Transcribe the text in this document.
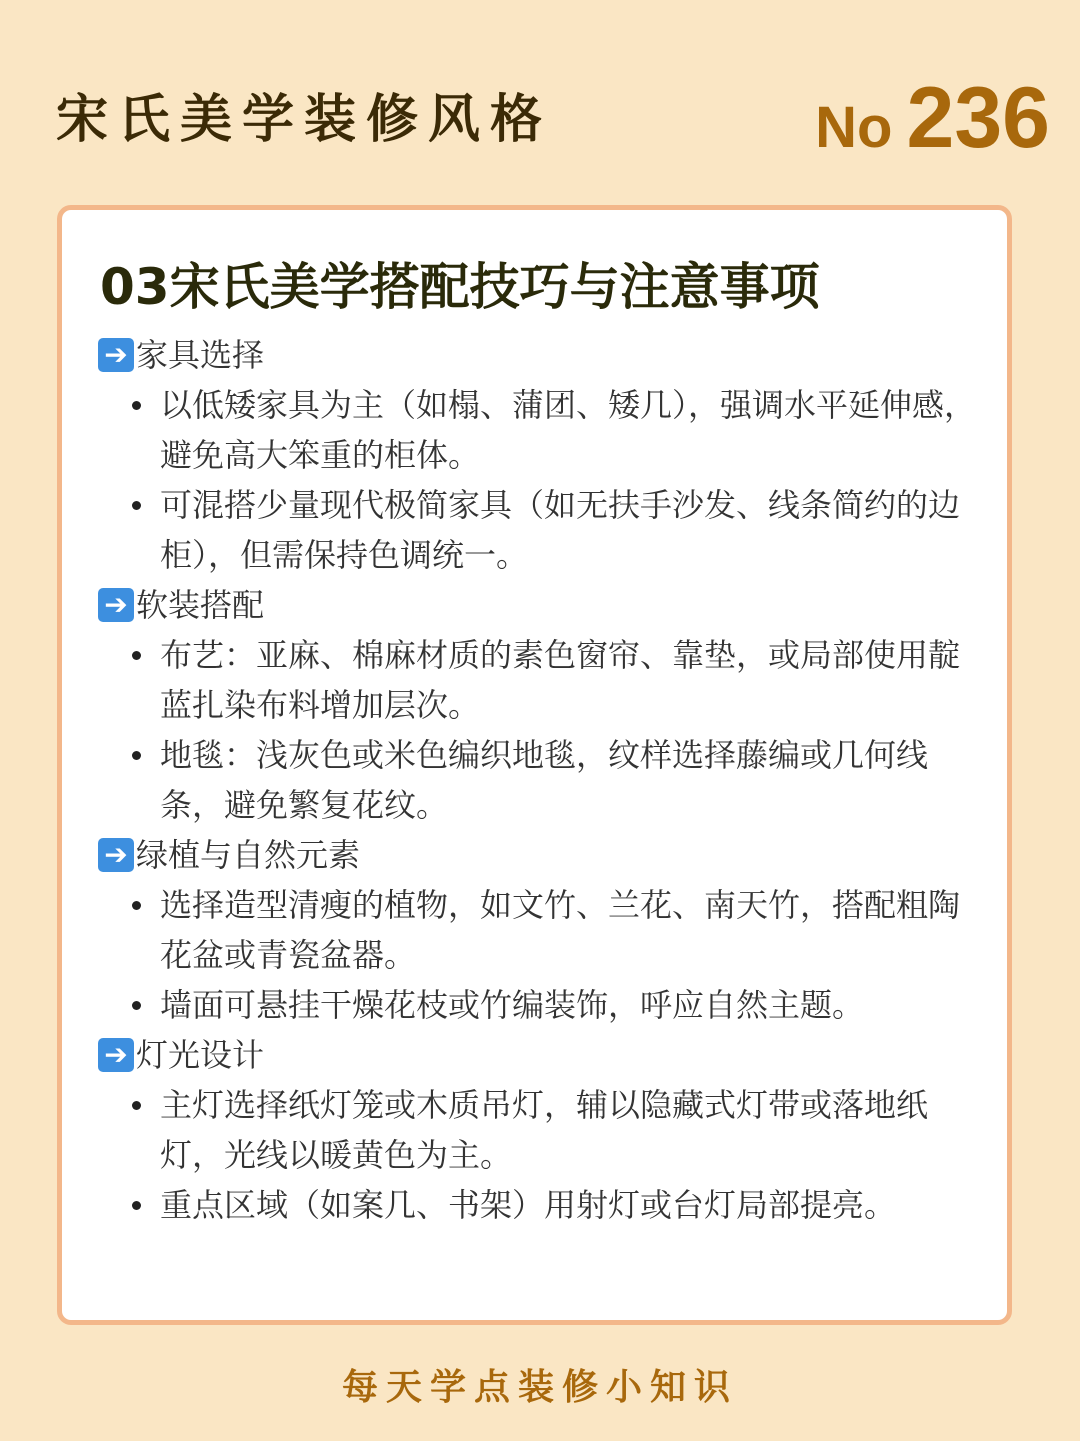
宋氏美学装修风格	No 236
03宋氏美学搭配技巧与注意事项
➔ 家具选择
以低矮家具为主（如榻、蒲团、矮几），强调水平延伸感，避免高大笨重的柜体。
可混搭少量现代极简家具（如无扶手沙发、线条简约的边柜），但需保持色调统一。
➔ 软装搭配
布艺：亚麻、棉麻材质的素色窗帘、靠垫，或局部使用靛蓝扎染布料增加层次。
地毯：浅灰色或米色编织地毯，纹样选择藤编或几何线条，避免繁复花纹。
➔ 绿植与自然元素
选择造型清瘦的植物，如文竹、兰花、南天竹，搭配粗陶花盆或青瓷盆器。
墙面可悬挂干燥花枝或竹编装饰，呼应自然主题。
➔ 灯光设计
主灯选择纸灯笼或木质吊灯，辅以隐藏式灯带或落地纸灯，光线以暖黄色为主。
重点区域（如案几、书架）用射灯或台灯局部提亮。
每天学点装修小知识
